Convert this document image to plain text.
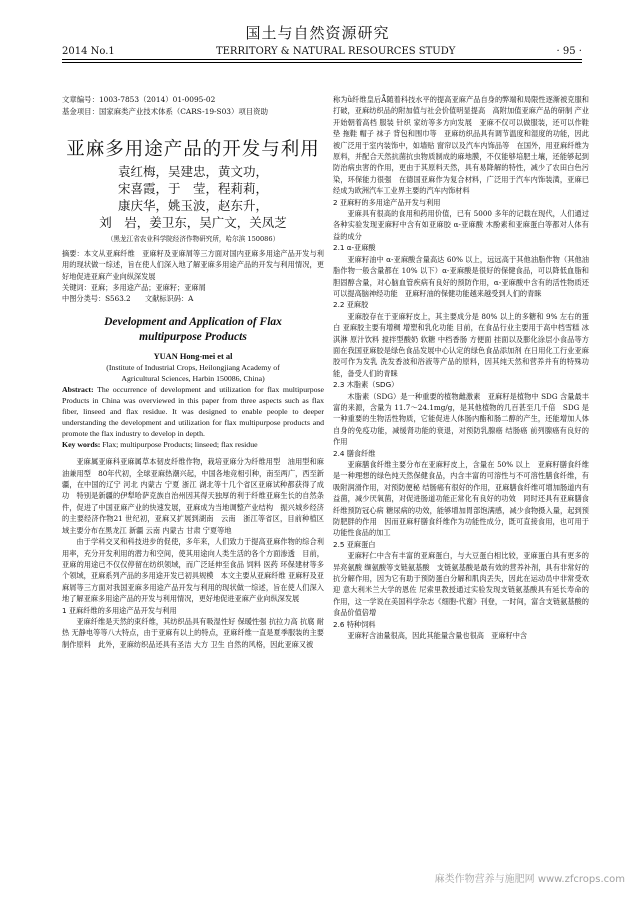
国土与自然资源研究
2014 No.1	TERRITORY & NATURAL RESOURCES STUDY	· 95 ·
文章编号：1003-7853（2014）01-0095-02
基金项目：国家麻类产业技术体系（CARS-19-S03）项目资助
亚麻多用途产品的开发与利用
袁红梅，吴建忠，黄文功，
宋喜霞，于　莹，程莉莉，
康庆华，姚玉波，赵东升，
刘　岩，姜卫东，吴广文，关凤芝
（黑龙江省农业科学院经济作物研究所，哈尔滨 150086）

摘要：本文从亚麻纤维　亚麻籽及亚麻屑等三方面对国内亚麻多用途产品开发与利用的现状做一综述，旨在使人们深入地了解亚麻多用途产品的开发与利用情况，更好地促进亚麻产业向纵深发展

关键词：亚麻；多用途产品；亚麻籽；亚麻屑

中图分类号：S563.2　　文献标识码：A

Development and Application of Flax
multipurpose Products
YUAN Hong-mei et al
(Institute of Industrial Crops, Heilongjiang Academy of
Agricultural Sciences, Harbin 150086, China)

Abstract: The occurrence of development and utilization for flax multipurpose Products in China was overviewed in this paper from three aspects such as flax fiber, linseed and flax residue. It was designed to enable people to deeper understanding the development and utilization for flax multipurpose products and promote the flax industry to develop in depth.

Key words: Flax; multipurpose Products; linseed; flax residue

亚麻属亚麻科亚麻属草本韧皮纤维作物，栽培亚麻分为纤维用型　油用型和麻油兼用型　80年代初，全球亚麻热潮兴起，中国各地竞相引种，南至两广，西至新疆，在中国的辽宁 河北 内蒙古 宁夏 浙江 湖北等十几个省区亚麻试种都获得了成功　特别是新疆的伊犁哈萨克族自治州因其得天独厚的利于纤维亚麻生长的自然条件，促进了中国亚麻产业的快速发展，亚麻成为当地调整产业结构　振兴城乡经济的主要经济作物21 世纪初，亚麻又扩展到湖南　云南　浙江等省区，目前种植区域主要分布在黑龙江 新疆 云南 内蒙古 甘肃 宁夏等地

由于学科交叉和科技进步的促使，多年来，人们致力于提高亚麻作物的综合利用率，充分开发利用的潜力和空间，使其用途向人类生活的各个方面渗透　目前，亚麻的用途已不仅仅停留在纺织领域，而广泛延伸至食品 饲料 医药 环保建材等多个领域，亚麻系列产品的多用途开发已初具规模　本文主要从亚麻纤维 亚麻籽及亚麻屑等三方面对我国亚麻多用途产品开发与利用的现状做一综述，旨在使人们深入地了解亚麻多用途产品的开发与利用情况，更好地促进亚麻产业向纵深发展

1 亚麻纤维的多用途产品开发与利用

亚麻纤维是天然的束纤维，其纺织品具有吸湿性好 保暖性强 抗拉力高 抗腐 耐热 无静电等等八大特点，由于亚麻有以上的特点，亚麻纤维一直是夏季服装的主要制作原料　此外，亚麻纺织品还具有圣洁 大方 卫生 自然的风格，因此亚麻又被

称为ǜ纤维皇后Ǟ随着科技水平的提高亚麻产品自身的弊端和局限性逐渐被克服和打破，亚麻纺织品的附加值与社会价值明显提高　高附加值亚麻产品的研制 产业开始朝着高档 服装 针织 家纺等多方向发展　亚麻不仅可以做服装，还可以作鞋垫 拖鞋 帽子 袜子 背包和围巾等　亚麻纺织品具有调节温度和湿度的功能，因此被广泛用于室内装饰中，如墙贴 窗帘以及汽车内饰品等　在国外，用亚麻纤维为原料，并配合天然抗菌抗虫物质制成的麻地膜，不仅能够培肥土壤，还能够起到防治病虫害的作用，更由于其原料天然，具有易降解的特性，减少了农田白色污染，环保能力很强　在德国亚麻作为复合材料，广泛用于汽车内饰装潢，亚麻已经成为欧洲汽车工业界主要的汽车内饰材料

2 亚麻籽的多用途产品开发与利用

亚麻具有很高的食用和药用价值，已有 5000 多年的记载在现代，人们通过各种实验发现亚麻籽中含有如亚麻胶 α-亚麻酸 木酚素和亚麻蛋白等都对人体有益的成分

2.1 α-亚麻酸

亚麻籽油中 α-亚麻酸含量高达 60% 以上，远远高于其他油脂作物（其他油脂作物一般含量都在 10% 以下）α-亚麻酸是很好的保健食品，可以降低血脂和胆固醇含量，对心脑血管疾病有良好的预防作用，α-亚麻酸中含有的活性物质还可以提高脑神经功能　亚麻籽油的保健功能越来越受到人们的青睐

2.2 亚麻胶

亚麻胶存在于亚麻籽皮上，其主要成分是 80% 以上的多糖和 9% 左右的蛋白 亚麻胶主要有增稠 增塑和乳化功能 目前，在食品行业主要用于高中档雪糕 冰淇淋 原汁饮料 搅拌型酸奶 软糖 中档香肠 方便面 挂面以及膨化涂层小食品等方面在我国亚麻胶是绿色食品发展中心认定的绿色食品添加剂 在日用化工行业亚麻胶可作为发乳 洗发香波和浴液等产品的原料，因其纯天然和营养并有的特殊功能，备受人们的青睐

2.3 木脂素（SDG）

木脂素（SDG）是一种重要的植物雌激素　亚麻籽是植物中 SDG 含量最丰富的来源，含量为 11.7～24.1mg/g，是其他植物的几百甚至几千倍　SDG 是一种重要的生物活性物质，它能促进人体肠内酯和肠二醇的产生，还能增加人体自身的免疫功能，减缓肾功能的衰退，对预防乳腺癌 结肠癌 前列腺癌有良好的作用

2.4 膳食纤维

亚麻膳食纤维主要分布在亚麻籽皮上，含量在 50% 以上　亚麻籽膳食纤维是一种理想的绿色纯天然保健食品，内含丰富的可溶性与不可溶性膳食纤维，有吸附润滑作用，对预防便秘 结肠癌有很好的作用，亚麻膳食纤维可增加肠道内有益菌，减少厌氧菌，对促进肠道功能正常化有良好的功效　同时还具有亚麻膳食纤维预防冠心病 糖尿病的功效，能够增加胃部饱满感，减少食物摄入量，起到预防肥胖的作用　因而亚麻籽膳食纤维作为功能性成分，既可直接食用，也可用于功能性食品的加工

2.5 亚麻蛋白

亚麻籽仁中含有丰富的亚麻蛋白，与大豆蛋白相比较，亚麻蛋白具有更多的异亮氨酸 缬氨酸等支链氨基酸　支链氨基酸是最有效的营养补剂，具有非常好的抗分解作用，因为它有助于预防蛋白分解和肌肉丢失，因此在运动员中非常受欢迎 意大利米兰大学的恩佐 尼索里教授通过实验发现支链氨基酸具有延长寿命的作用，这一学说在美国科学杂志《细胞-代谢》刊登，一时间，富含支链氨基酸的食品价值倍增

2.6 特种饲料

亚麻籽含油量很高，因此其能量含量也很高　亚麻籽中含

麻类作物营养与施肥网 www.zfcrops.com
